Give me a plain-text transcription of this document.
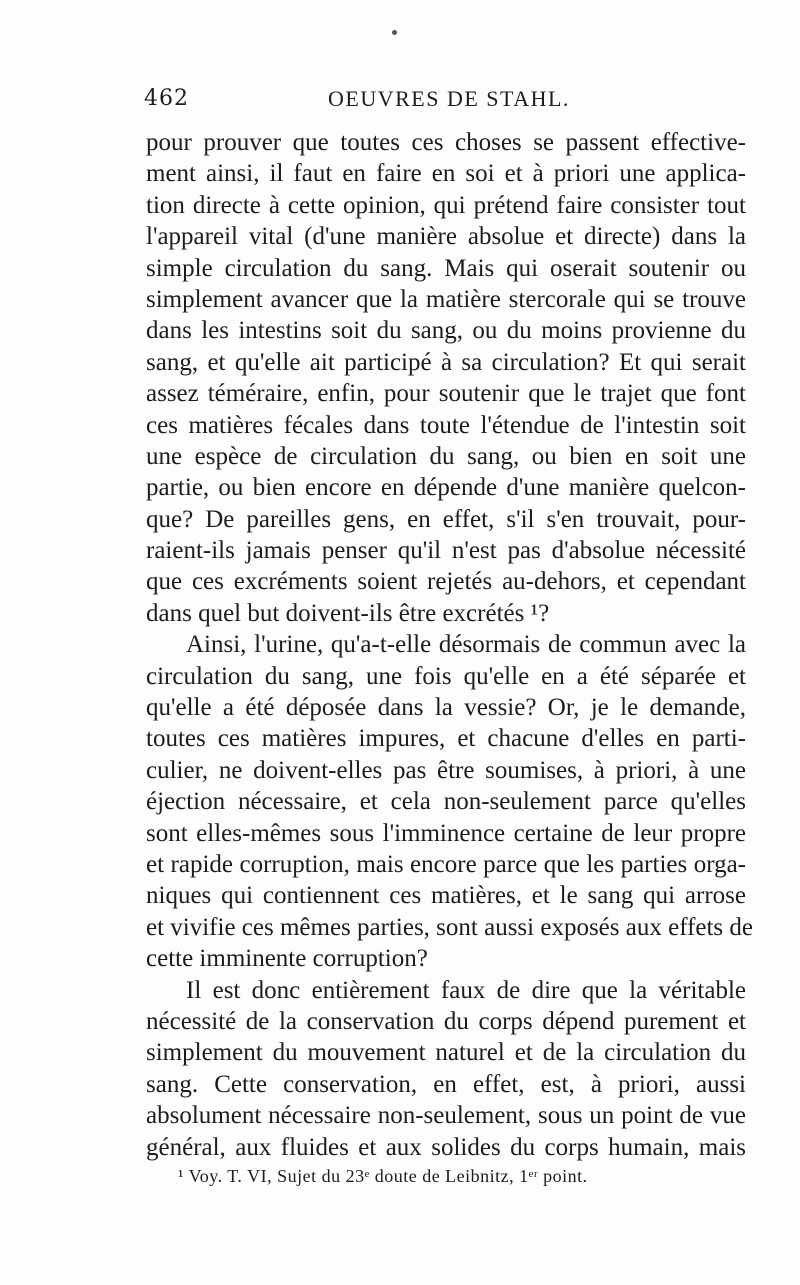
462	OEUVRES DE STAHL.
pour prouver que toutes ces choses se passent effective-
ment ainsi, il faut en faire en soi et à priori une applica-
tion directe à cette opinion, qui prétend faire consister tout
l'appareil vital (d'une manière absolue et directe) dans la
simple circulation du sang. Mais qui oserait soutenir ou
simplement avancer que la matière stercorale qui se trouve
dans les intestins soit du sang, ou du moins provienne du
sang, et qu'elle ait participé à sa circulation? Et qui serait
assez téméraire, enfin, pour soutenir que le trajet que font
ces matières fécales dans toute l'étendue de l'intestin soit
une espèce de circulation du sang, ou bien en soit une
partie, ou bien encore en dépende d'une manière quelcon-
que? De pareilles gens, en effet, s'il s'en trouvait, pour-
raient-ils jamais penser qu'il n'est pas d'absolue nécessité
que ces excréments soient rejetés au-dehors, et cependant
dans quel but doivent-ils être excrétés ¹?
Ainsi, l'urine, qu'a-t-elle désormais de commun avec la
circulation du sang, une fois qu'elle en a été séparée et
qu'elle a été déposée dans la vessie? Or, je le demande,
toutes ces matières impures, et chacune d'elles en parti-
culier, ne doivent-elles pas être soumises, à priori, à une
éjection nécessaire, et cela non-seulement parce qu'elles
sont elles-mêmes sous l'imminence certaine de leur propre
et rapide corruption, mais encore parce que les parties orga-
niques qui contiennent ces matières, et le sang qui arrose
et vivifie ces mêmes parties, sont aussi exposés aux effets de
cette imminente corruption?
Il est donc entièrement faux de dire que la véritable
nécessité de la conservation du corps dépend purement et
simplement du mouvement naturel et de la circulation du
sang. Cette conservation, en effet, est, à priori, aussi
absolument nécessaire non-seulement, sous un point de vue
général, aux fluides et aux solides du corps humain, mais
¹ Voy. T. VI, Sujet du 23ᵉ doute de Leibnitz, 1ᵉʳ point.
